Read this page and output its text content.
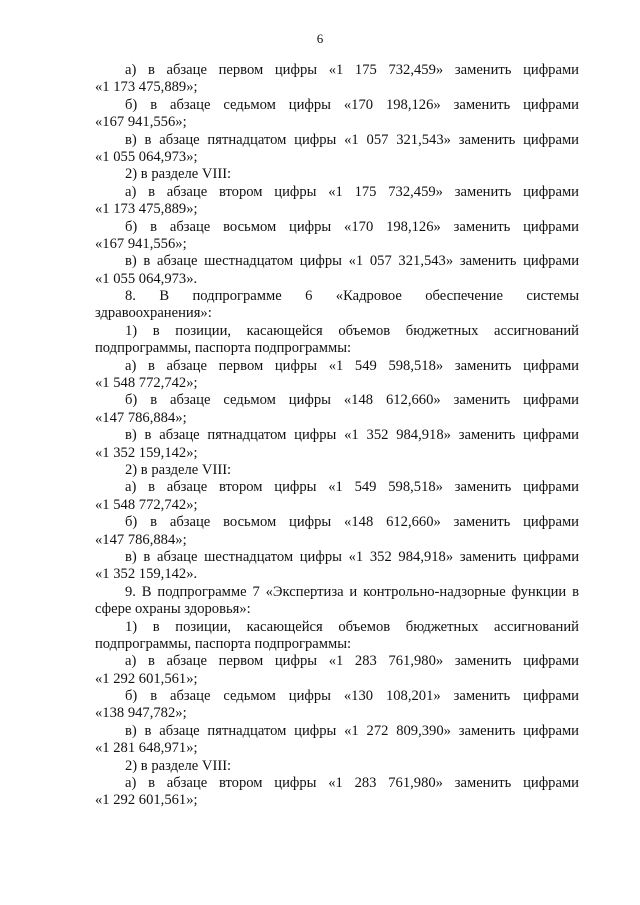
6
а) в абзаце первом цифры «1 175 732,459» заменить цифрами
«1 173 475,889»;
б) в абзаце седьмом цифры «170 198,126» заменить цифрами
«167 941,556»;
в) в абзаце пятнадцатом цифры «1 057 321,543» заменить цифрами
«1 055 064,973»;
2) в разделе VIII:
а) в абзаце втором цифры «1 175 732,459» заменить цифрами
«1 173 475,889»;
б) в абзаце восьмом цифры «170 198,126» заменить цифрами
«167 941,556»;
в) в абзаце шестнадцатом цифры «1 057 321,543» заменить цифрами
«1 055 064,973».
8. В подпрограмме 6 «Кадровое обеспечение системы
здравоохранения»:
1) в позиции, касающейся объемов бюджетных ассигнований
подпрограммы, паспорта подпрограммы:
а) в абзаце первом цифры «1 549 598,518» заменить цифрами
«1 548 772,742»;
б) в абзаце седьмом цифры «148 612,660» заменить цифрами
«147 786,884»;
в) в абзаце пятнадцатом цифры «1 352 984,918» заменить цифрами
«1 352 159,142»;
2) в разделе VIII:
а) в абзаце втором цифры «1 549 598,518» заменить цифрами
«1 548 772,742»;
б) в абзаце восьмом цифры «148 612,660» заменить цифрами
«147 786,884»;
в) в абзаце шестнадцатом цифры «1 352 984,918» заменить цифрами
«1 352 159,142».
9. В подпрограмме 7 «Экспертиза и контрольно-надзорные функции в
сфере охраны здоровья»:
1) в позиции, касающейся объемов бюджетных ассигнований
подпрограммы, паспорта подпрограммы:
а) в абзаце первом цифры «1 283 761,980» заменить цифрами
«1 292 601,561»;
б) в абзаце седьмом цифры «130 108,201» заменить цифрами
«138 947,782»;
в) в абзаце пятнадцатом цифры «1 272 809,390» заменить цифрами
«1 281 648,971»;
2) в разделе VIII:
а) в абзаце втором цифры «1 283 761,980» заменить цифрами
«1 292 601,561»;
